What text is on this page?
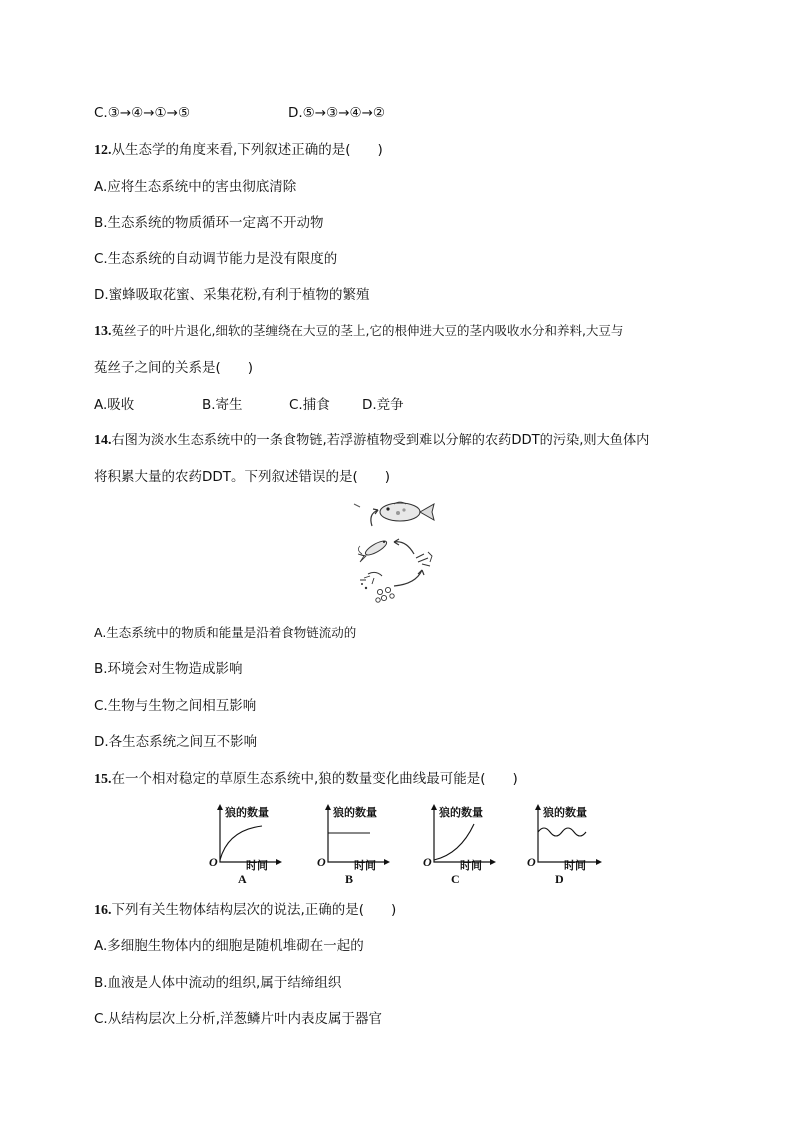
C.③→④→①→⑤	D.⑤→③→④→②
12.从生态学的角度来看,下列叙述正确的是(　　)
A.应将生态系统中的害虫彻底清除
B.生态系统的物质循环一定离不开动物
C.生态系统的自动调节能力是没有限度的
D.蜜蜂吸取花蜜、采集花粉,有利于植物的繁殖
13.菟丝子的叶片退化,细软的茎缠绕在大豆的茎上,它的根伸进大豆的茎内吸收水分和养料,大豆与
菟丝子之间的关系是(　　)
A.吸收	B.寄生	C.捕食 D.竞争
14.右图为淡水生态系统中的一条食物链,若浮游植物受到难以分解的农药DDT的污染,则大鱼体内
将积累大量的农药DDT。下列叙述错误的是(　　)
A.生态系统中的物质和能量是沿着食物链流动的
B.环境会对生物造成影响
C.生物与生物之间相互影响
D.各生态系统之间互不影响
15.在一个相对稳定的草原生态系统中,狼的数量变化曲线最可能是(　　)
狼的数量
O	时间
A
狼的数量
O	时间
B
狼的数量
O	时间
C
狼的数量
O	时间
D
16.下列有关生物体结构层次的说法,正确的是(　　)
A.多细胞生物体内的细胞是随机堆砌在一起的
B.血液是人体中流动的组织,属于结缔组织
C.从结构层次上分析,洋葱鳞片叶内表皮属于器官
